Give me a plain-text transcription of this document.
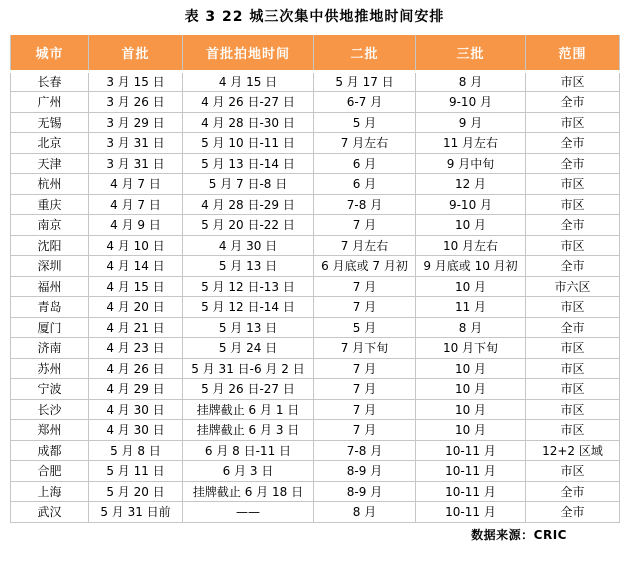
表 3 22 城三次集中供地推地时间安排
城市	首批	首批拍地时间	二批	三批	范围
长春	3 月 15 日	4 月 15 日	5 月 17 日	8 月	市区
广州	3 月 26 日	4 月 26 日-27 日	6-7 月	9-10 月	全市
无锡	3 月 29 日	4 月 28 日-30 日	5 月	9 月	市区
北京	3 月 31 日	5 月 10 日-11 日	7 月左右	11 月左右	全市
天津	3 月 31 日	5 月 13 日-14 日	6 月	9 月中旬	全市
杭州	4 月 7 日	5 月 7 日-8 日	6 月	12 月	市区
重庆	4 月 7 日	4 月 28 日-29 日	7-8 月	9-10 月	市区
南京	4 月 9 日	5 月 20 日-22 日	7 月	10 月	全市
沈阳	4 月 10 日	4 月 30 日	7 月左右	10 月左右	市区
深圳	4 月 14 日	5 月 13 日	6 月底或 7 月初	9 月底或 10 月初	全市
福州	4 月 15 日	5 月 12 日-13 日	7 月	10 月	市六区
青岛	4 月 20 日	5 月 12 日-14 日	7 月	11 月	市区
厦门	4 月 21 日	5 月 13 日	5 月	8 月	全市
济南	4 月 23 日	5 月 24 日	7 月下旬	10 月下旬	市区
苏州	4 月 26 日	5 月 31 日-6 月 2 日	7 月	10 月	市区
宁波	4 月 29 日	5 月 26 日-27 日	7 月	10 月	市区
长沙	4 月 30 日	挂牌截止 6 月 1 日	7 月	10 月	市区
郑州	4 月 30 日	挂牌截止 6 月 3 日	7 月	10 月	市区
成都	5 月 8 日	6 月 8 日-11 日	7-8 月	10-11 月	12+2 区域
合肥	5 月 11 日	6 月 3 日	8-9 月	10-11 月	市区
上海	5 月 20 日	挂牌截止 6 月 18 日	8-9 月	10-11 月	全市
武汉	5 月 31 日前	——	8 月	10-11 月	全市
数据来源：CRIC
